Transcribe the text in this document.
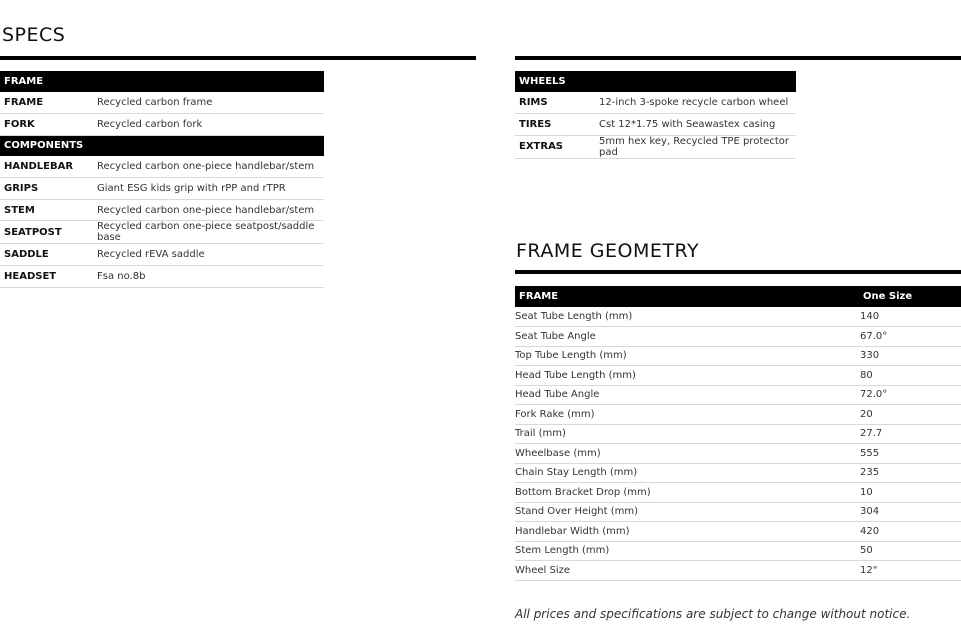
SPECS
FRAME	
FRAME	Recycled carbon frame
FORK	Recycled carbon fork
COMPONENTS	
HANDLEBAR	Recycled carbon one-piece handlebar/stem
GRIPS	Giant ESG kids grip with rPP and rTPR
STEM	Recycled carbon one-piece handlebar/stem
SEATPOST	Recycled carbon one-piece seatpost/saddle base
SADDLE	Recycled rEVA saddle
HEADSET	Fsa no.8b
WHEELS	
RIMS	12-inch 3-spoke recycle carbon wheel
TIRES	Cst 12*1.75 with Seawastex casing
EXTRAS	5mm hex key, Recycled TPE protector pad
FRAME GEOMETRY
FRAME	One Size
Seat Tube Length (mm)	140
Seat Tube Angle	67.0°
Top Tube Length (mm)	330
Head Tube Length (mm)	80
Head Tube Angle	72.0°
Fork Rake (mm)	20
Trail (mm)	27.7
Wheelbase (mm)	555
Chain Stay Length (mm)	235
Bottom Bracket Drop (mm)	10
Stand Over Height (mm)	304
Handlebar Width (mm)	420
Stem Length (mm)	50
Wheel Size	12"
All prices and specifications are subject to change without notice.
